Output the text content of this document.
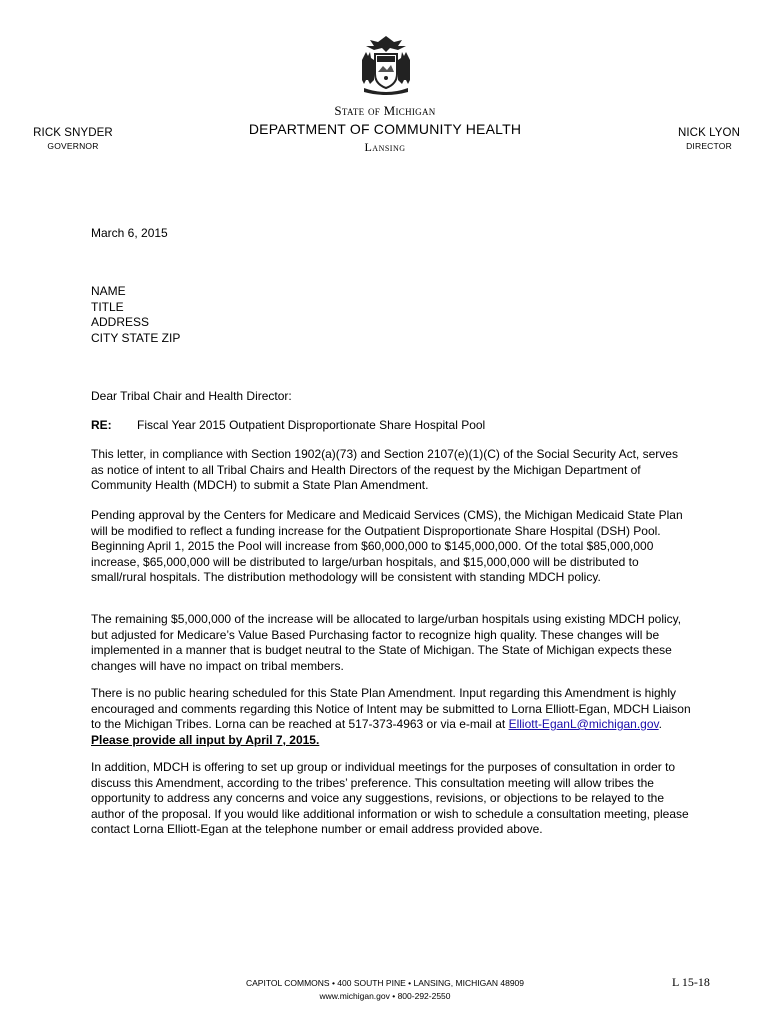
State of Michigan
DEPARTMENT OF COMMUNITY HEALTH
Lansing
RICK SNYDER
GOVERNOR
NICK LYON
DIRECTOR
March 6, 2015
NAME
TITLE
ADDRESS
CITY STATE ZIP
Dear Tribal Chair and Health Director:
RE: Fiscal Year 2015 Outpatient Disproportionate Share Hospital Pool
This letter, in compliance with Section 1902(a)(73) and Section 2107(e)(1)(C) of the Social Security Act, serves as notice of intent to all Tribal Chairs and Health Directors of the request by the Michigan Department of Community Health (MDCH) to submit a State Plan Amendment.
Pending approval by the Centers for Medicare and Medicaid Services (CMS), the Michigan Medicaid State Plan will be modified to reflect a funding increase for the Outpatient Disproportionate Share Hospital (DSH) Pool. Beginning April 1, 2015 the Pool will increase from $60,000,000 to $145,000,000. Of the total $85,000,000 increase, $65,000,000 will be distributed to large/urban hospitals, and $15,000,000 will be distributed to small/rural hospitals. The distribution methodology will be consistent with standing MDCH policy.
The remaining $5,000,000 of the increase will be allocated to large/urban hospitals using existing MDCH policy, but adjusted for Medicare’s Value Based Purchasing factor to recognize high quality. These changes will be implemented in a manner that is budget neutral to the State of Michigan. The State of Michigan expects these changes will have no impact on tribal members.
There is no public hearing scheduled for this State Plan Amendment. Input regarding this Amendment is highly encouraged and comments regarding this Notice of Intent may be submitted to Lorna Elliott-Egan, MDCH Liaison to the Michigan Tribes. Lorna can be reached at 517-373-4963 or via e-mail at Elliott-EganL@michigan.gov. Please provide all input by April 7, 2015.
In addition, MDCH is offering to set up group or individual meetings for the purposes of consultation in order to discuss this Amendment, according to the tribes’ preference. This consultation meeting will allow tribes the opportunity to address any concerns and voice any suggestions, revisions, or objections to be relayed to the author of the proposal. If you would like additional information or wish to schedule a consultation meeting, please contact Lorna Elliott-Egan at the telephone number or email address provided above.
CAPITOL COMMONS • 400 SOUTH PINE • LANSING, MICHIGAN 48909
www.michigan.gov • 800-292-2550
L 15-18
